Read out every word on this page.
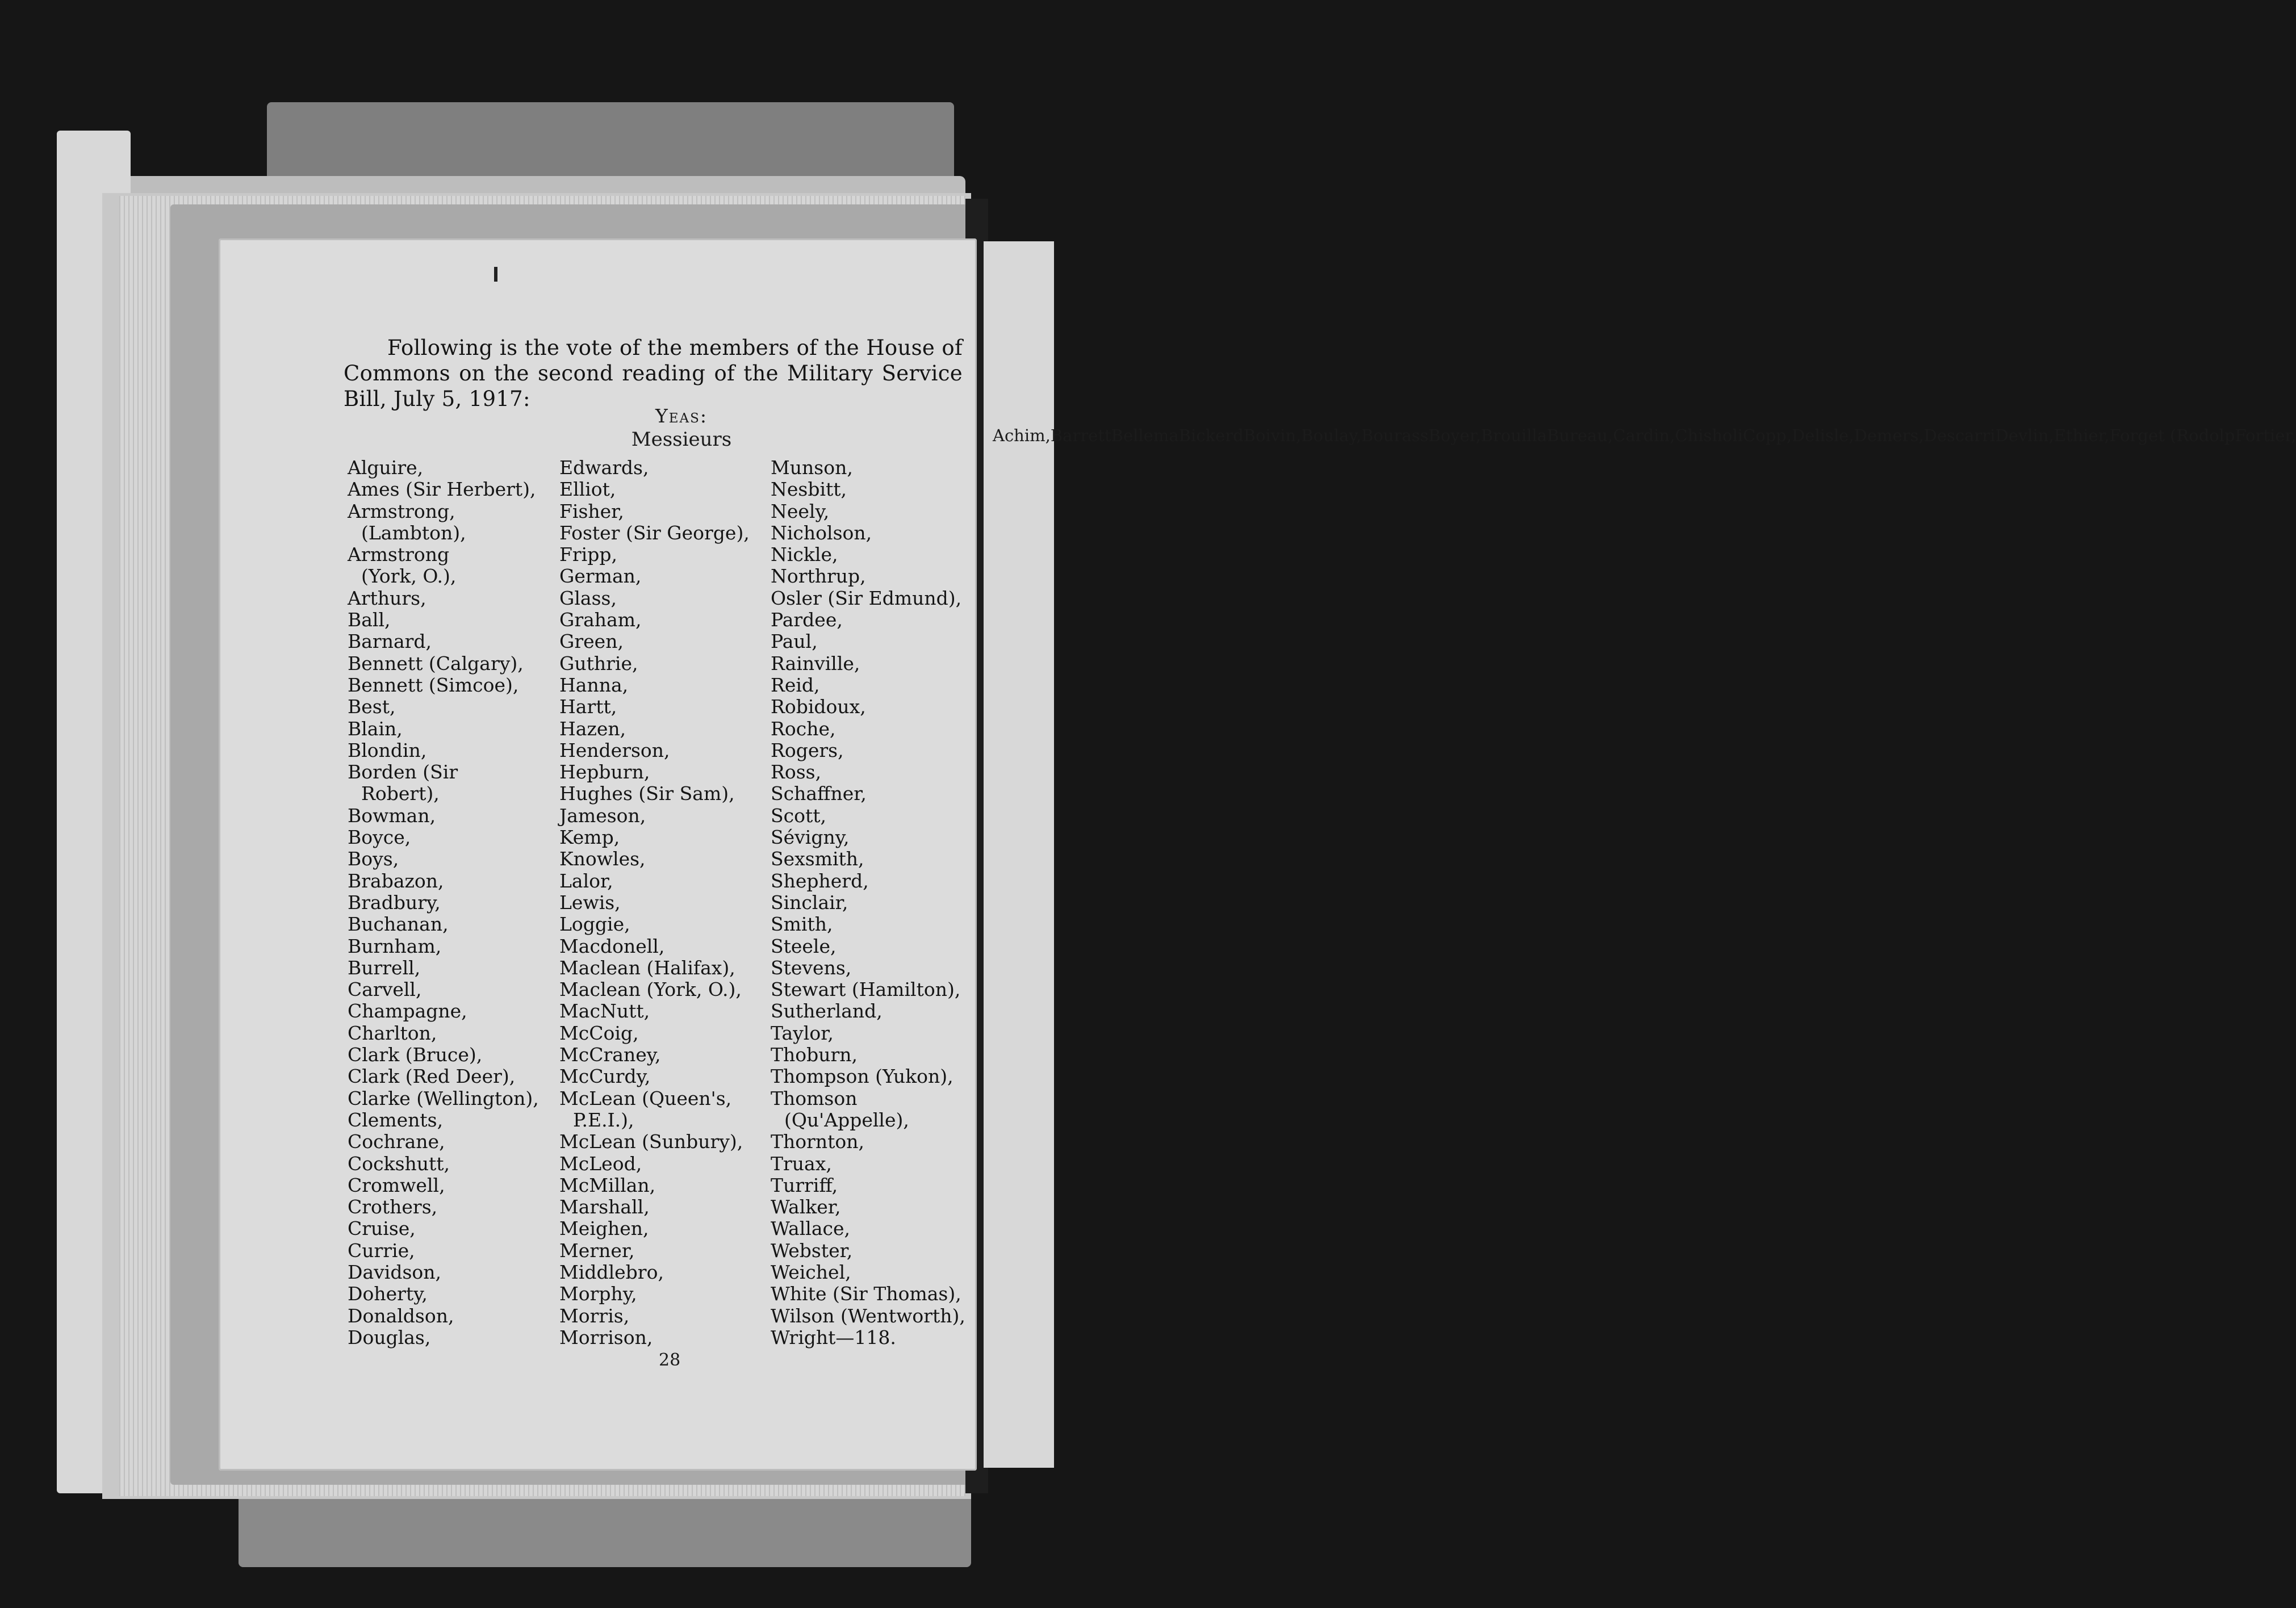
Following is the vote of the members of the House of Commons on the second reading of the Military Service Bill, July 5, 1917:
Yeas:
Messieurs
Alguire,
Ames (Sir Herbert),
Armstrong,
(Lambton),
Armstrong
(York, O.),
Arthurs,
Ball,
Barnard,
Bennett (Calgary),
Bennett (Simcoe),
Best,
Blain,
Blondin,
Borden (Sir
Robert),
Bowman,
Boyce,
Boys,
Brabazon,
Bradbury,
Buchanan,
Burnham,
Burrell,
Carvell,
Champagne,
Charlton,
Clark (Bruce),
Clark (Red Deer),
Clarke (Wellington),
Clements,
Cochrane,
Cockshutt,
Cromwell,
Crothers,
Cruise,
Currie,
Davidson,
Doherty,
Donaldson,
Douglas,
Edwards,
Elliot,
Fisher,
Foster (Sir George),
Fripp,
German,
Glass,
Graham,
Green,
Guthrie,
Hanna,
Hartt,
Hazen,
Henderson,
Hepburn,
Hughes (Sir Sam),
Jameson,
Kemp,
Knowles,
Lalor,
Lewis,
Loggie,
Macdonell,
Maclean (Halifax),
Maclean (York, O.),
MacNutt,
McCoig,
McCraney,
McCurdy,
McLean (Queen's,
P.E.I.),
McLean (Sunbury),
McLeod,
McMillan,
Marshall,
Meighen,
Merner,
Middlebro,
Morphy,
Morris,
Morrison,
Munson,
Nesbitt,
Neely,
Nicholson,
Nickle,
Northrup,
Osler (Sir Edmund),
Pardee,
Paul,
Rainville,
Reid,
Robidoux,
Roche,
Rogers,
Ross,
Schaffner,
Scott,
Sévigny,
Sexsmith,
Shepherd,
Sinclair,
Smith,
Steele,
Stevens,
Stewart (Hamilton),
Sutherland,
Taylor,
Thoburn,
Thompson (Yukon),
Thomson
(Qu'Appelle),
Thornton,
Truax,
Turriff,
Walker,
Wallace,
Webster,
Weichel,
White (Sir Thomas),
Wilson (Wentworth),
Wright—118.
28
Achim,BarrettBellemaBickerdBoivin,Boulay,BourassBoyer,BrouillaBureau,Cardin,ChisholiCopp,Delisle,Demers,DescarriDevlin,Ethier,Forget (RodolpFortier,
